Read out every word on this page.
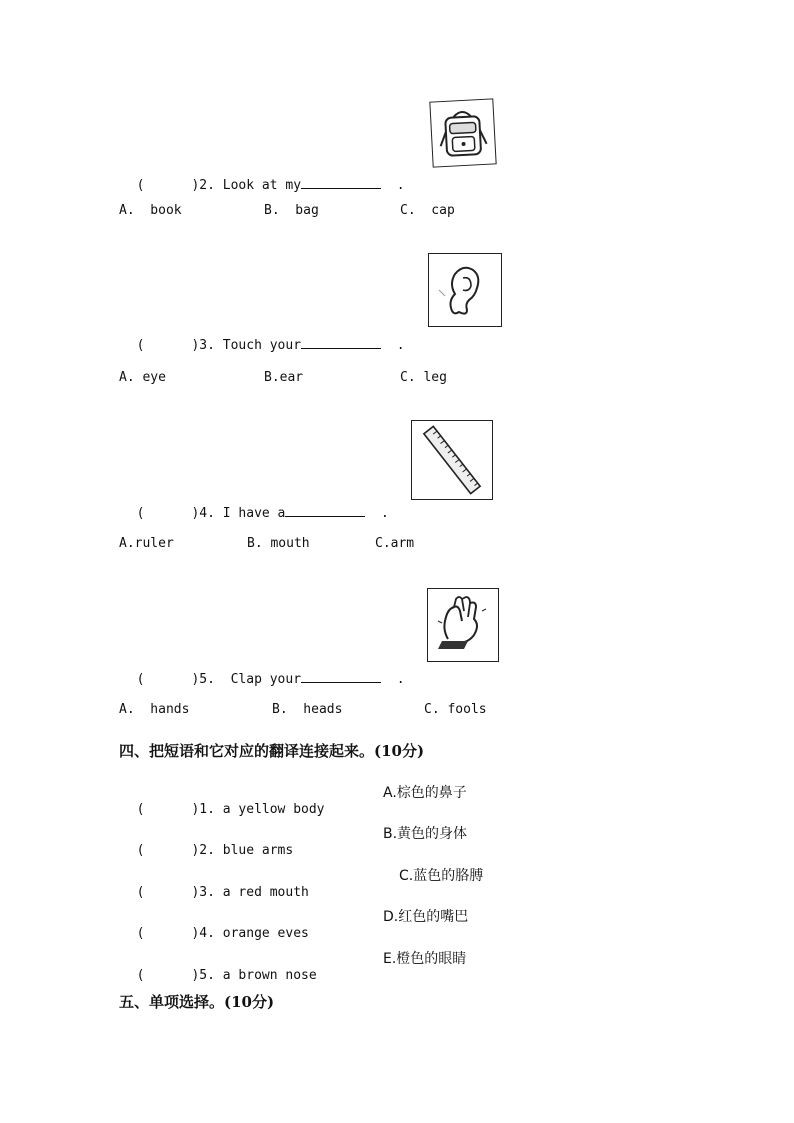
(      )2. Look at my	.

A.  book	B.  bag	C.  cap

(      )3. Touch your	.

A. eye	B.ear	C. leg

(      )4. I have a	.

A.ruler	B. mouth	C.arm

(      )5.  Clap your	.

A.  hands	B.  heads	C. fools
四、把短语和它对应的翻译连接起来。(10分)

(      )1. a yellow body

A.棕色的鼻子

(      )2. blue arms

B.黄色的身体

(      )3. a red mouth

C.蓝色的胳膊

(      )4. orange eves

D.红色的嘴巴

(      )5. a brown nose

E.橙色的眼睛
五、单项选择。(10分)
